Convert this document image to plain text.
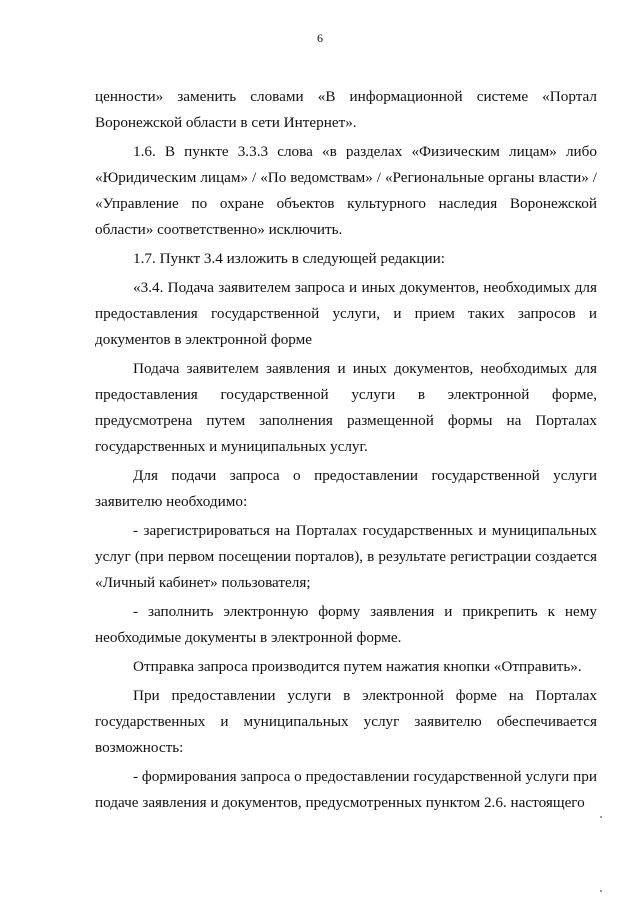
6

ценности» заменить словами «В информационной системе «Портал Воронежской области в сети Интернет».

1.6. В пункте 3.3.3 слова «в разделах «Физическим лицам» либо «Юридическим лицам» / «По ведомствам» / «Региональные органы власти» / «Управление по охране объектов культурного наследия Воронежской области» соответственно» исключить.

1.7. Пункт 3.4 изложить в следующей редакции:

«3.4. Подача заявителем запроса и иных документов, необходимых для предоставления государственной услуги, и прием таких запросов и документов в электронной форме

Подача заявителем заявления и иных документов, необходимых для предоставления государственной услуги в электронной форме, предусмотрена путем заполнения размещенной формы на Порталах государственных и муниципальных услуг.

Для подачи запроса о предоставлении государственной услуги заявителю необходимо:

- зарегистрироваться на Порталах государственных и муниципальных услуг (при первом посещении порталов), в результате регистрации создается «Личный кабинет» пользователя;

- заполнить электронную форму заявления и прикрепить к нему необходимые документы в электронной форме.

Отправка запроса производится путем нажатия кнопки «Отправить».

При предоставлении услуги в электронной форме на Порталах государственных и муниципальных услуг заявителю обеспечивается возможность:

- формирования запроса о предоставлении государственной услуги при подаче заявления и документов, предусмотренных пунктом 2.6. настоящего
